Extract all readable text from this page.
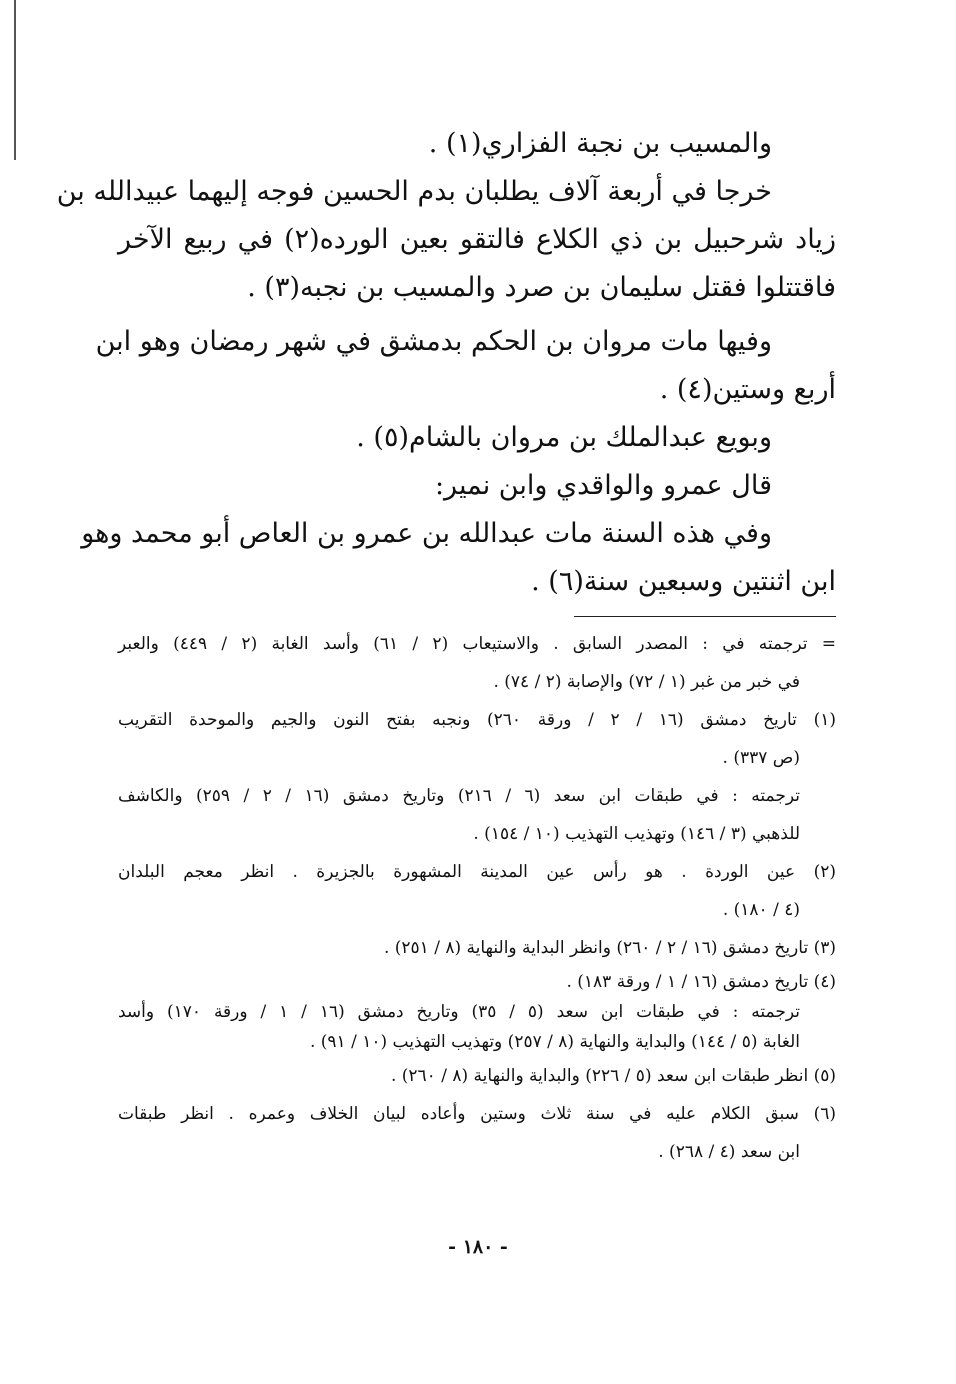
والمسيب بن نجبة الفزاري(١) .
خرجا في أربعة آلاف يطلبان بدم الحسين فوجه إليهما عبيدالله بن
زياد شرحبيل بن ذي الكلاع فالتقو بعين الورده(٢) في ربيع الآخر
فاقتتلوا فقتل سليمان بن صرد والمسيب بن نجبه(٣) .
وفيها مات مروان بن الحكم بدمشق في شهر رمضان وهو ابن
أربع وستين(٤) .
وبويع عبدالملك بن مروان بالشام(٥) .
قال عمرو والواقدي وابن نمير:
وفي هذه السنة مات عبدالله بن عمرو بن العاص أبو محمد وهو
ابن اثنتين وسبعين سنة(٦) .
= ترجمته في : المصدر السابق . والاستيعاب (٢ / ٦١) وأسد الغابة (٢ / ٤٤٩) والعبر
في خبر من غبر (١ / ٧٢) والإصابة (٢ / ٧٤) .
(١) تاريخ دمشق (١٦ / ٢ / ورقة ٢٦٠) ونجبه بفتح النون والجيم والموحدة التقريب
(ص ٣٣٧) .
ترجمته : في طبقات ابن سعد (٦ / ٢١٦) وتاريخ دمشق (١٦ / ٢ / ٢٥٩) والكاشف
للذهبي (٣ / ١٤٦) وتهذيب التهذيب (١٠ / ١٥٤) .
(٢) عين الوردة . هو رأس عين المدينة المشهورة بالجزيرة . انظر معجم البلدان
(٤ / ١٨٠) .
(٣) تاريخ دمشق (١٦ / ٢ / ٢٦٠) وانظر البداية والنهاية (٨ / ٢٥١) .
(٤) تاريخ دمشق (١٦ / ١ / ورقة ١٨٣) .
ترجمته : في طبقات ابن سعد (٥ / ٣٥) وتاريخ دمشق (١٦ / ١ / ورقة ١٧٠) وأسد
الغابة (٥ / ١٤٤) والبداية والنهاية (٨ / ٢٥٧) وتهذيب التهذيب (١٠ / ٩١) .
(٥) انظر طبقات ابن سعد (٥ / ٢٢٦) والبداية والنهاية (٨ / ٢٦٠) .
(٦) سبق الكلام عليه في سنة ثلاث وستين وأعاده لبيان الخلاف وعمره . انظر طبقات
ابن سعد (٤ / ٢٦٨) .
- ١٨٠ -
